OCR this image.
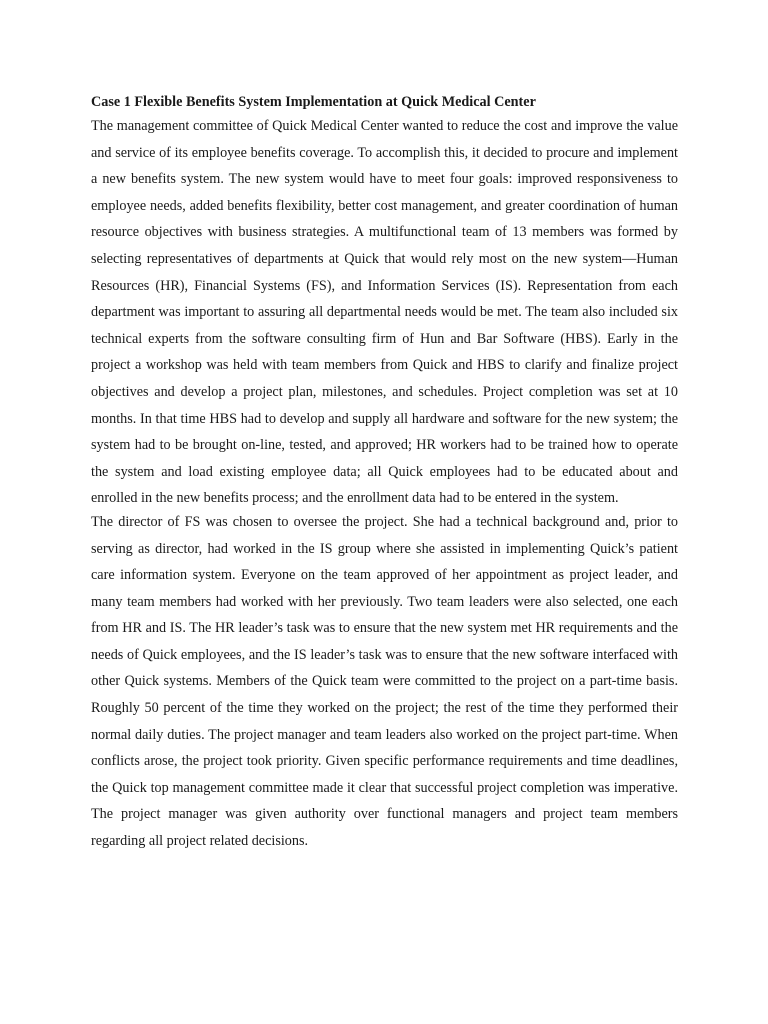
Case 1 Flexible Benefits System Implementation at Quick Medical Center

The management committee of Quick Medical Center wanted to reduce the cost and improve the value and service of its employee benefits coverage. To accomplish this, it decided to procure and implement a new benefits system. The new system would have to meet four goals: improved responsiveness to employee needs, added benefits flexibility, better cost management, and greater coordination of human resource objectives with business strategies. A multifunctional team of 13 members was formed by selecting representatives of departments at Quick that would rely most on the new system—Human Resources (HR), Financial Systems (FS), and Information Services (IS). Representation from each department was important to assuring all departmental needs would be met. The team also included six technical experts from the software consulting firm of Hun and Bar Software (HBS). Early in the project a workshop was held with team members from Quick and HBS to clarify and finalize project objectives and develop a project plan, milestones, and schedules. Project completion was set at 10 months. In that time HBS had to develop and supply all hardware and software for the new system; the system had to be brought on-line, tested, and approved; HR workers had to be trained how to operate the system and load existing employee data; all Quick employees had to be educated about and enrolled in the new benefits process; and the enrollment data had to be entered in the system.

The director of FS was chosen to oversee the project. She had a technical background and, prior to serving as director, had worked in the IS group where she assisted in implementing Quick’s patient care information system. Everyone on the team approved of her appointment as project leader, and many team members had worked with her previously. Two team leaders were also selected, one each from HR and IS. The HR leader’s task was to ensure that the new system met HR requirements and the needs of Quick employees, and the IS leader’s task was to ensure that the new software interfaced with other Quick systems. Members of the Quick team were committed to the project on a part-time basis. Roughly 50 percent of the time they worked on the project; the rest of the time they performed their normal daily duties. The project manager and team leaders also worked on the project part-time. When conflicts arose, the project took priority. Given specific performance requirements and time deadlines, the Quick top management committee made it clear that successful project completion was imperative. The project manager was given authority over functional managers and project team members regarding all project related decisions.
